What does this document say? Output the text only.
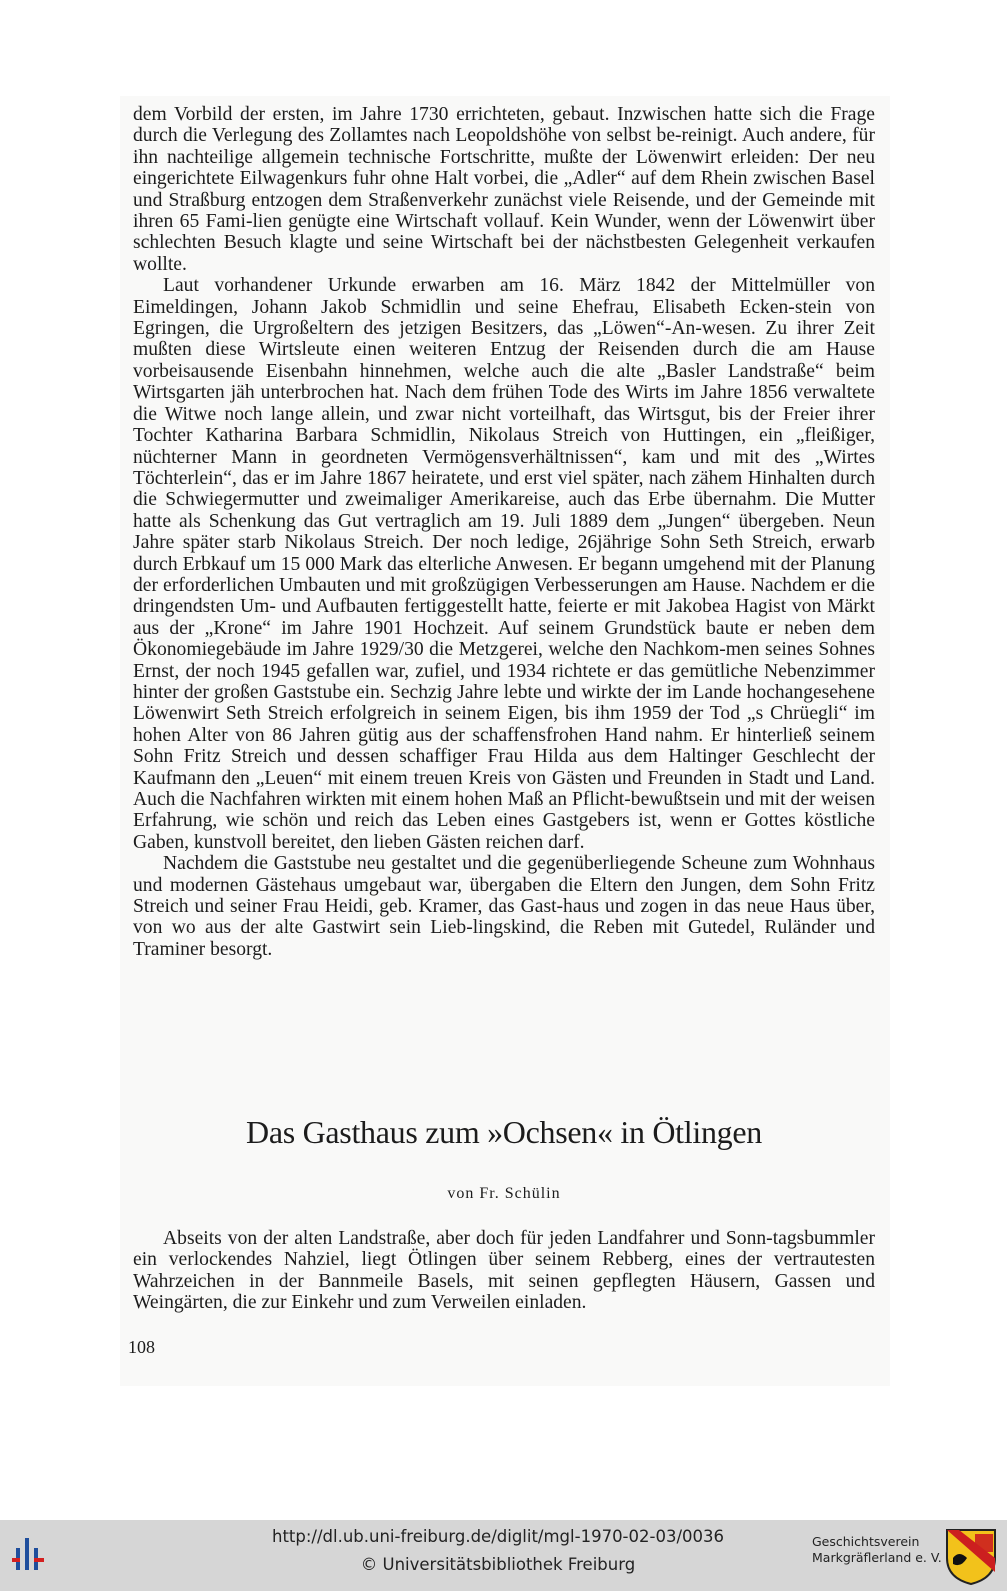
dem Vorbild der ersten, im Jahre 1730 errichteten, gebaut. Inzwischen hatte sich die Frage durch die Verlegung des Zollamtes nach Leopoldshöhe von selbst be-reinigt. Auch andere, für ihn nachteilige allgemein technische Fortschritte, mußte der Löwenwirt erleiden: Der neu eingerichtete Eilwagenkurs fuhr ohne Halt vorbei, die „Adler“ auf dem Rhein zwischen Basel und Straßburg entzogen dem Straßenverkehr zunächst viele Reisende, und der Gemeinde mit ihren 65 Fami-lien genügte eine Wirtschaft vollauf. Kein Wunder, wenn der Löwenwirt über schlechten Besuch klagte und seine Wirtschaft bei der nächstbesten Gelegenheit verkaufen wollte.

Laut vorhandener Urkunde erwarben am 16. März 1842 der Mittelmüller von Eimeldingen, Johann Jakob Schmidlin und seine Ehefrau, Elisabeth Ecken-stein von Egringen, die Urgroßeltern des jetzigen Besitzers, das „Löwen“-An-wesen. Zu ihrer Zeit mußten diese Wirtsleute einen weiteren Entzug der Reisenden durch die am Hause vorbeisausende Eisenbahn hinnehmen, welche auch die alte „Basler Landstraße“ beim Wirtsgarten jäh unterbrochen hat. Nach dem frühen Tode des Wirts im Jahre 1856 verwaltete die Witwe noch lange allein, und zwar nicht vorteilhaft, das Wirtsgut, bis der Freier ihrer Tochter Katharina Barbara Schmidlin, Nikolaus Streich von Huttingen, ein „fleißiger, nüchterner Mann in geordneten Vermögensverhältnissen“, kam und mit des „Wirtes Töchterlein“, das er im Jahre 1867 heiratete, und erst viel später, nach zähem Hinhalten durch die Schwiegermutter und zweimaliger Amerikareise, auch das Erbe übernahm. Die Mutter hatte als Schenkung das Gut vertraglich am 19. Juli 1889 dem „Jungen“ übergeben. Neun Jahre später starb Nikolaus Streich. Der noch ledige, 26jährige Sohn Seth Streich, erwarb durch Erbkauf um 15 000 Mark das elterliche Anwesen. Er begann umgehend mit der Planung der erforderlichen Umbauten und mit großzügigen Verbesserungen am Hause. Nachdem er die dringendsten Um- und Aufbauten fertiggestellt hatte, feierte er mit Jakobea Hagist von Märkt aus der „Krone“ im Jahre 1901 Hochzeit. Auf seinem Grundstück baute er neben dem Ökonomiegebäude im Jahre 1929/30 die Metzgerei, welche den Nachkom-men seines Sohnes Ernst, der noch 1945 gefallen war, zufiel, und 1934 richtete er das gemütliche Nebenzimmer hinter der großen Gaststube ein. Sechzig Jahre lebte und wirkte der im Lande hochangesehene Löwenwirt Seth Streich erfolgreich in seinem Eigen, bis ihm 1959 der Tod „s Chrüegli“ im hohen Alter von 86 Jahren gütig aus der schaffensfrohen Hand nahm. Er hinterließ seinem Sohn Fritz Streich und dessen schaffiger Frau Hilda aus dem Haltinger Geschlecht der Kaufmann den „Leuen“ mit einem treuen Kreis von Gästen und Freunden in Stadt und Land. Auch die Nachfahren wirkten mit einem hohen Maß an Pflicht-bewußtsein und mit der weisen Erfahrung, wie schön und reich das Leben eines Gastgebers ist, wenn er Gottes köstliche Gaben, kunstvoll bereitet, den lieben Gästen reichen darf.

Nachdem die Gaststube neu gestaltet und die gegenüberliegende Scheune zum Wohnhaus und modernen Gästehaus umgebaut war, übergaben die Eltern den Jungen, dem Sohn Fritz Streich und seiner Frau Heidi, geb. Kramer, das Gast-haus und zogen in das neue Haus über, von wo aus der alte Gastwirt sein Lieb-lingskind, die Reben mit Gutedel, Ruländer und Traminer besorgt.

Das Gasthaus zum »Ochsen« in Ötlingen
von Fr. Schülin

Abseits von der alten Landstraße, aber doch für jeden Landfahrer und Sonn-tagsbummler ein verlockendes Nahziel, liegt Ötlingen über seinem Rebberg, eines der vertrautesten Wahrzeichen in der Bannmeile Basels, mit seinen gepflegten Häusern, Gassen und Weingärten, die zur Einkehr und zum Verweilen einladen.

108
http://dl.ub.uni-freiburg.de/diglit/mgl-1970-02-03/0036
© Universitätsbibliothek Freiburg
Geschichtsverein
Markgräflerland e. V.
